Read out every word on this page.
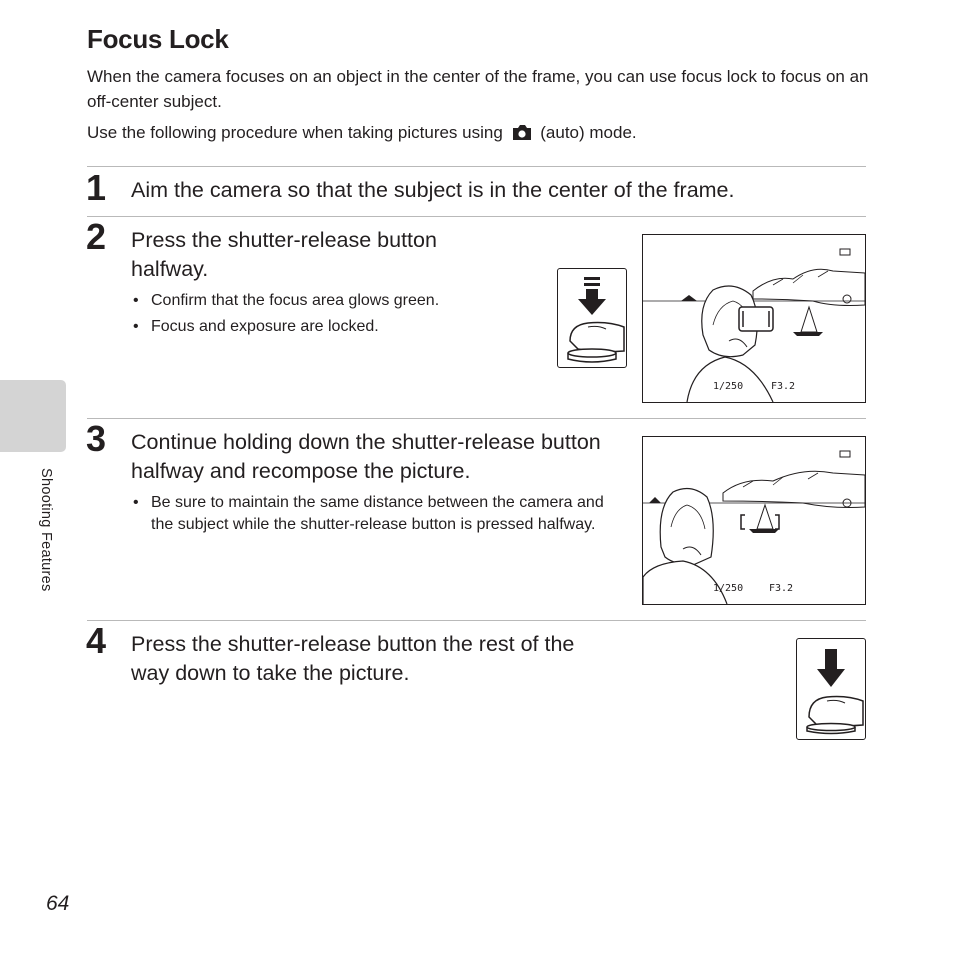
Shooting Features
Focus Lock
When the camera focuses on an object in the center of the frame, you can use focus lock to focus on an off-center subject.
Use the following procedure when taking pictures using (auto) mode.
1 Aim the camera so that the subject is in the center of the frame.
2 Press the shutter-release button halfway.
• Confirm that the focus area glows green.
• Focus and exposure are locked.
1/250	F3.2
3 Continue holding down the shutter-release button halfway and recompose the picture.
• Be sure to maintain the same distance between the camera and the subject while the shutter-release button is pressed halfway.
1/250	F3.2
4 Press the shutter-release button the rest of the way down to take the picture.
64
